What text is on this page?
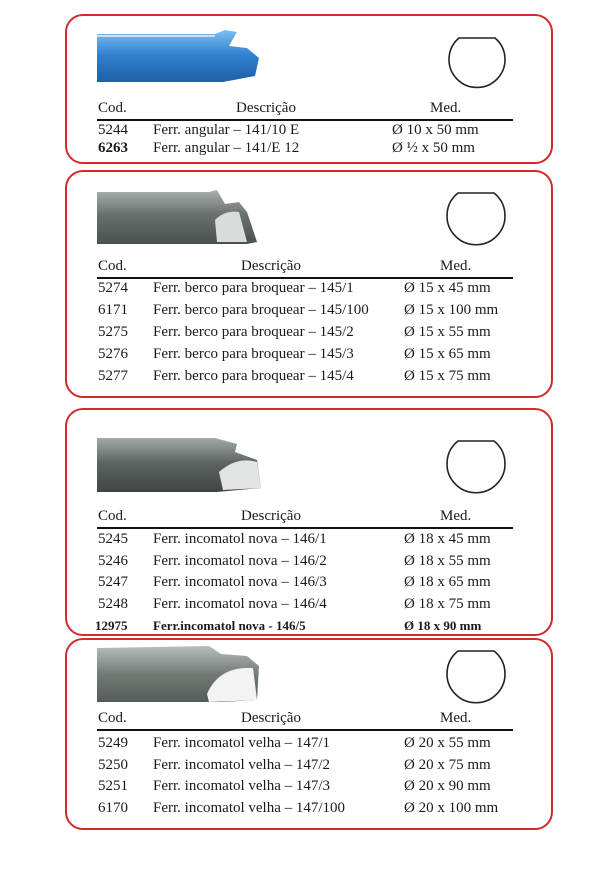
Cod.	Descrição	Med.
5244 Ferr. angular – 141/10 E	Ø 10 x 50 mm
6263 Ferr. angular – 141/E 12	Ø ½ x 50 mm
Cod.	Descrição	Med.
5274 Ferr. berco para broquear – 145/1	Ø 15 x 45 mm
6171 Ferr. berco para broquear – 145/100 Ø 15 x 100 mm
5275 Ferr. berco para broquear – 145/2	Ø 15 x 55 mm
5276 Ferr. berco para broquear – 145/3	Ø 15 x 65 mm
5277 Ferr. berco para broquear – 145/4	Ø 15 x 75 mm
Cod.	Descrição	Med.
5245 Ferr. incomatol nova – 146/1	Ø 18 x 45 mm
5246 Ferr. incomatol nova – 146/2	Ø 18 x 55 mm
5247 Ferr. incomatol nova – 146/3	Ø 18 x 65 mm
5248 Ferr. incomatol nova – 146/4	Ø 18 x 75 mm
12975 Ferr.incomatol nova - 146/5	Ø 18 x 90 mm
Cod.	Descrição	Med.
5249 Ferr. incomatol velha – 147/1	Ø 20 x 55 mm
5250 Ferr. incomatol velha – 147/2	Ø 20 x 75 mm
5251 Ferr. incomatol velha – 147/3	Ø 20 x 90 mm
6170 Ferr. incomatol velha – 147/100	Ø 20 x 100 mm
